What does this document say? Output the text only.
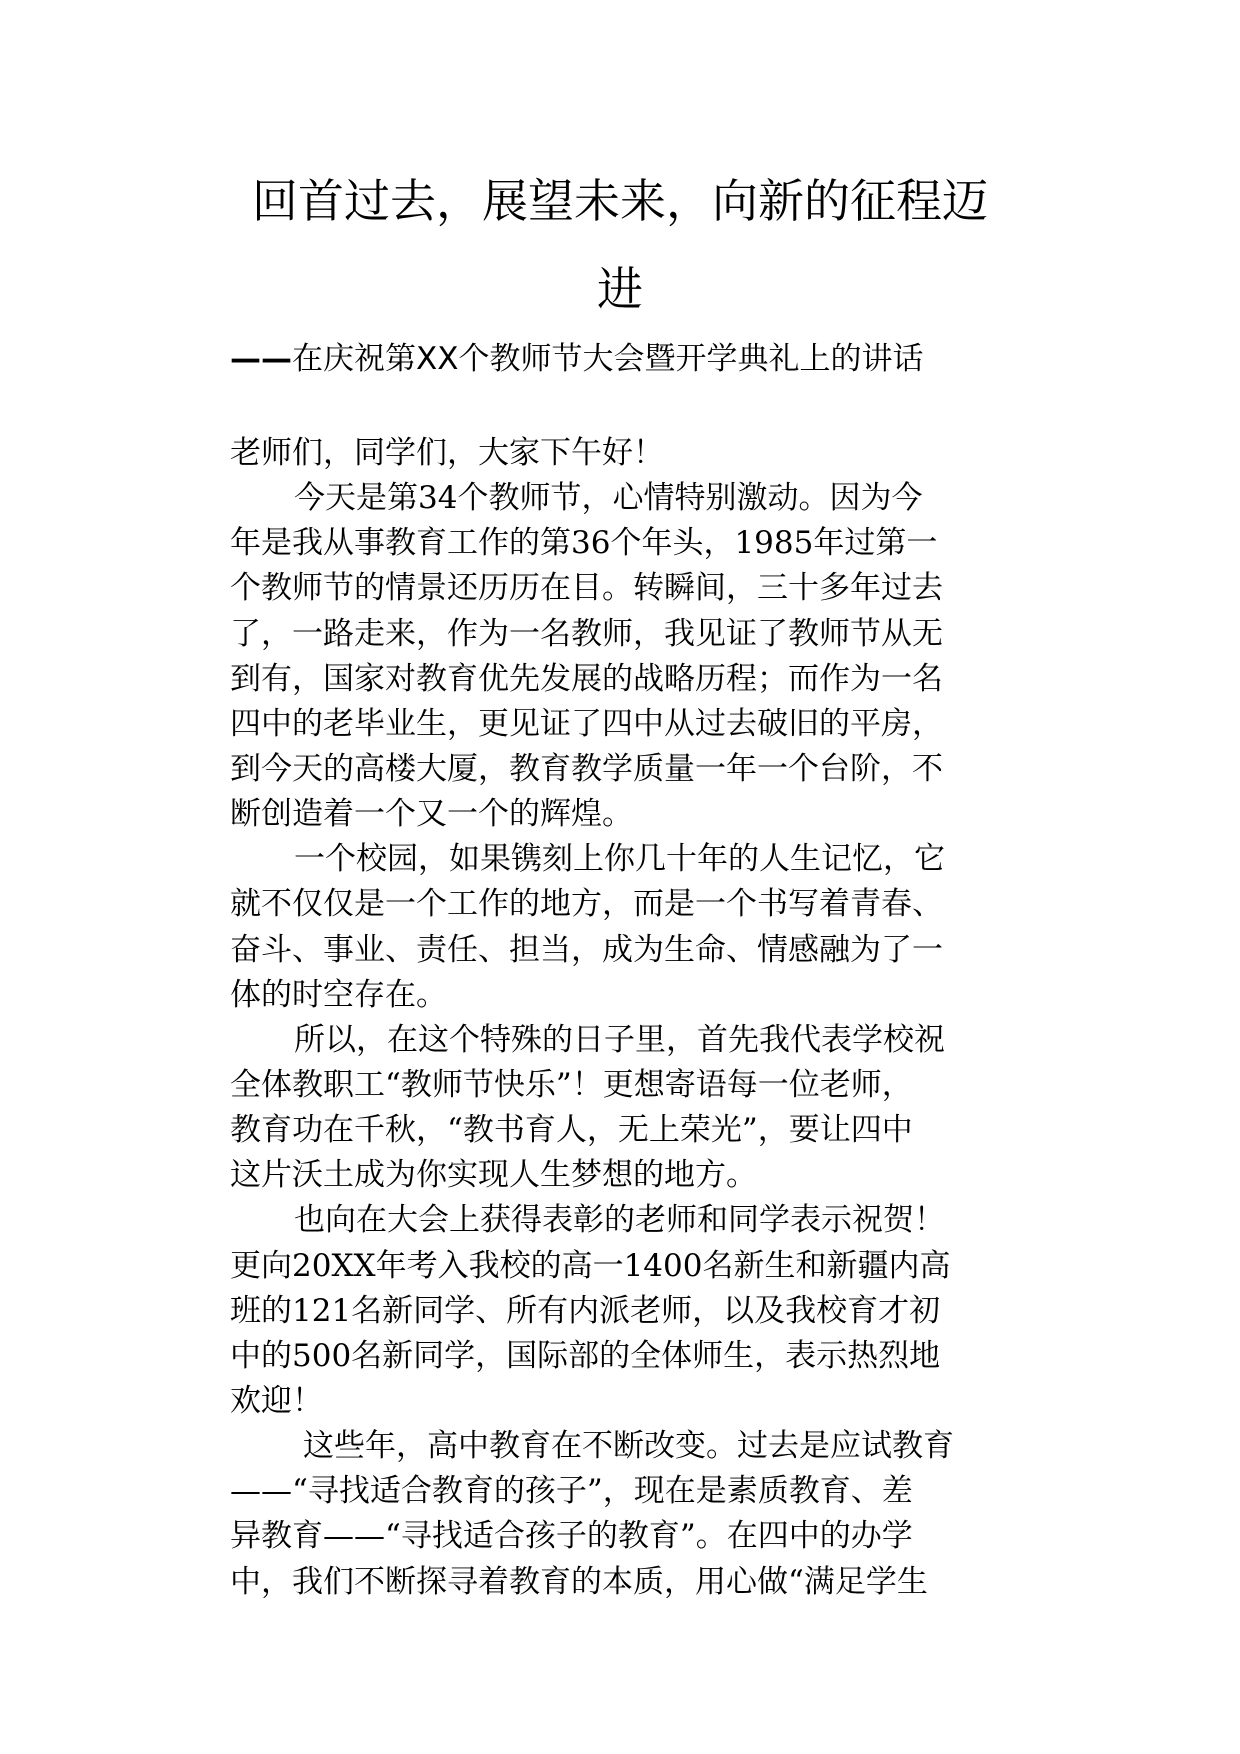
回首过去，展望未来，向新的征程迈
进
——在庆祝第XX个教师节大会暨开学典礼上的讲话
老师们，同学们，大家下午好！
今天是第34个教师节，心情特别激动。因为今
年是我从事教育工作的第36个年头，1985年过第一
个教师节的情景还历历在目。转瞬间，三十多年过去
了，一路走来，作为一名教师，我见证了教师节从无
到有，国家对教育优先发展的战略历程；而作为一名
四中的老毕业生，更见证了四中从过去破旧的平房，
到今天的高楼大厦，教育教学质量一年一个台阶，不
断创造着一个又一个的辉煌。
一个校园，如果镌刻上你几十年的人生记忆，它
就不仅仅是一个工作的地方，而是一个书写着青春、
奋斗、事业、责任、担当，成为生命、情感融为了一
体的时空存在。
所以，在这个特殊的日子里，首先我代表学校祝
全体教职工“教师节快乐”！更想寄语每一位老师，
教育功在千秋，“教书育人，无上荣光”，要让四中
这片沃土成为你实现人生梦想的地方。
也向在大会上获得表彰的老师和同学表示祝贺！
更向20XX年考入我校的高一1400名新生和新疆内高
班的121名新同学、所有内派老师，以及我校育才初
中的500名新同学，国际部的全体师生，表示热烈地
欢迎！
这些年，高中教育在不断改变。过去是应试教育
——“寻找适合教育的孩子”，现在是素质教育、差
异教育——“寻找适合孩子的教育”。在四中的办学
中，我们不断探寻着教育的本质，用心做“满足学生
